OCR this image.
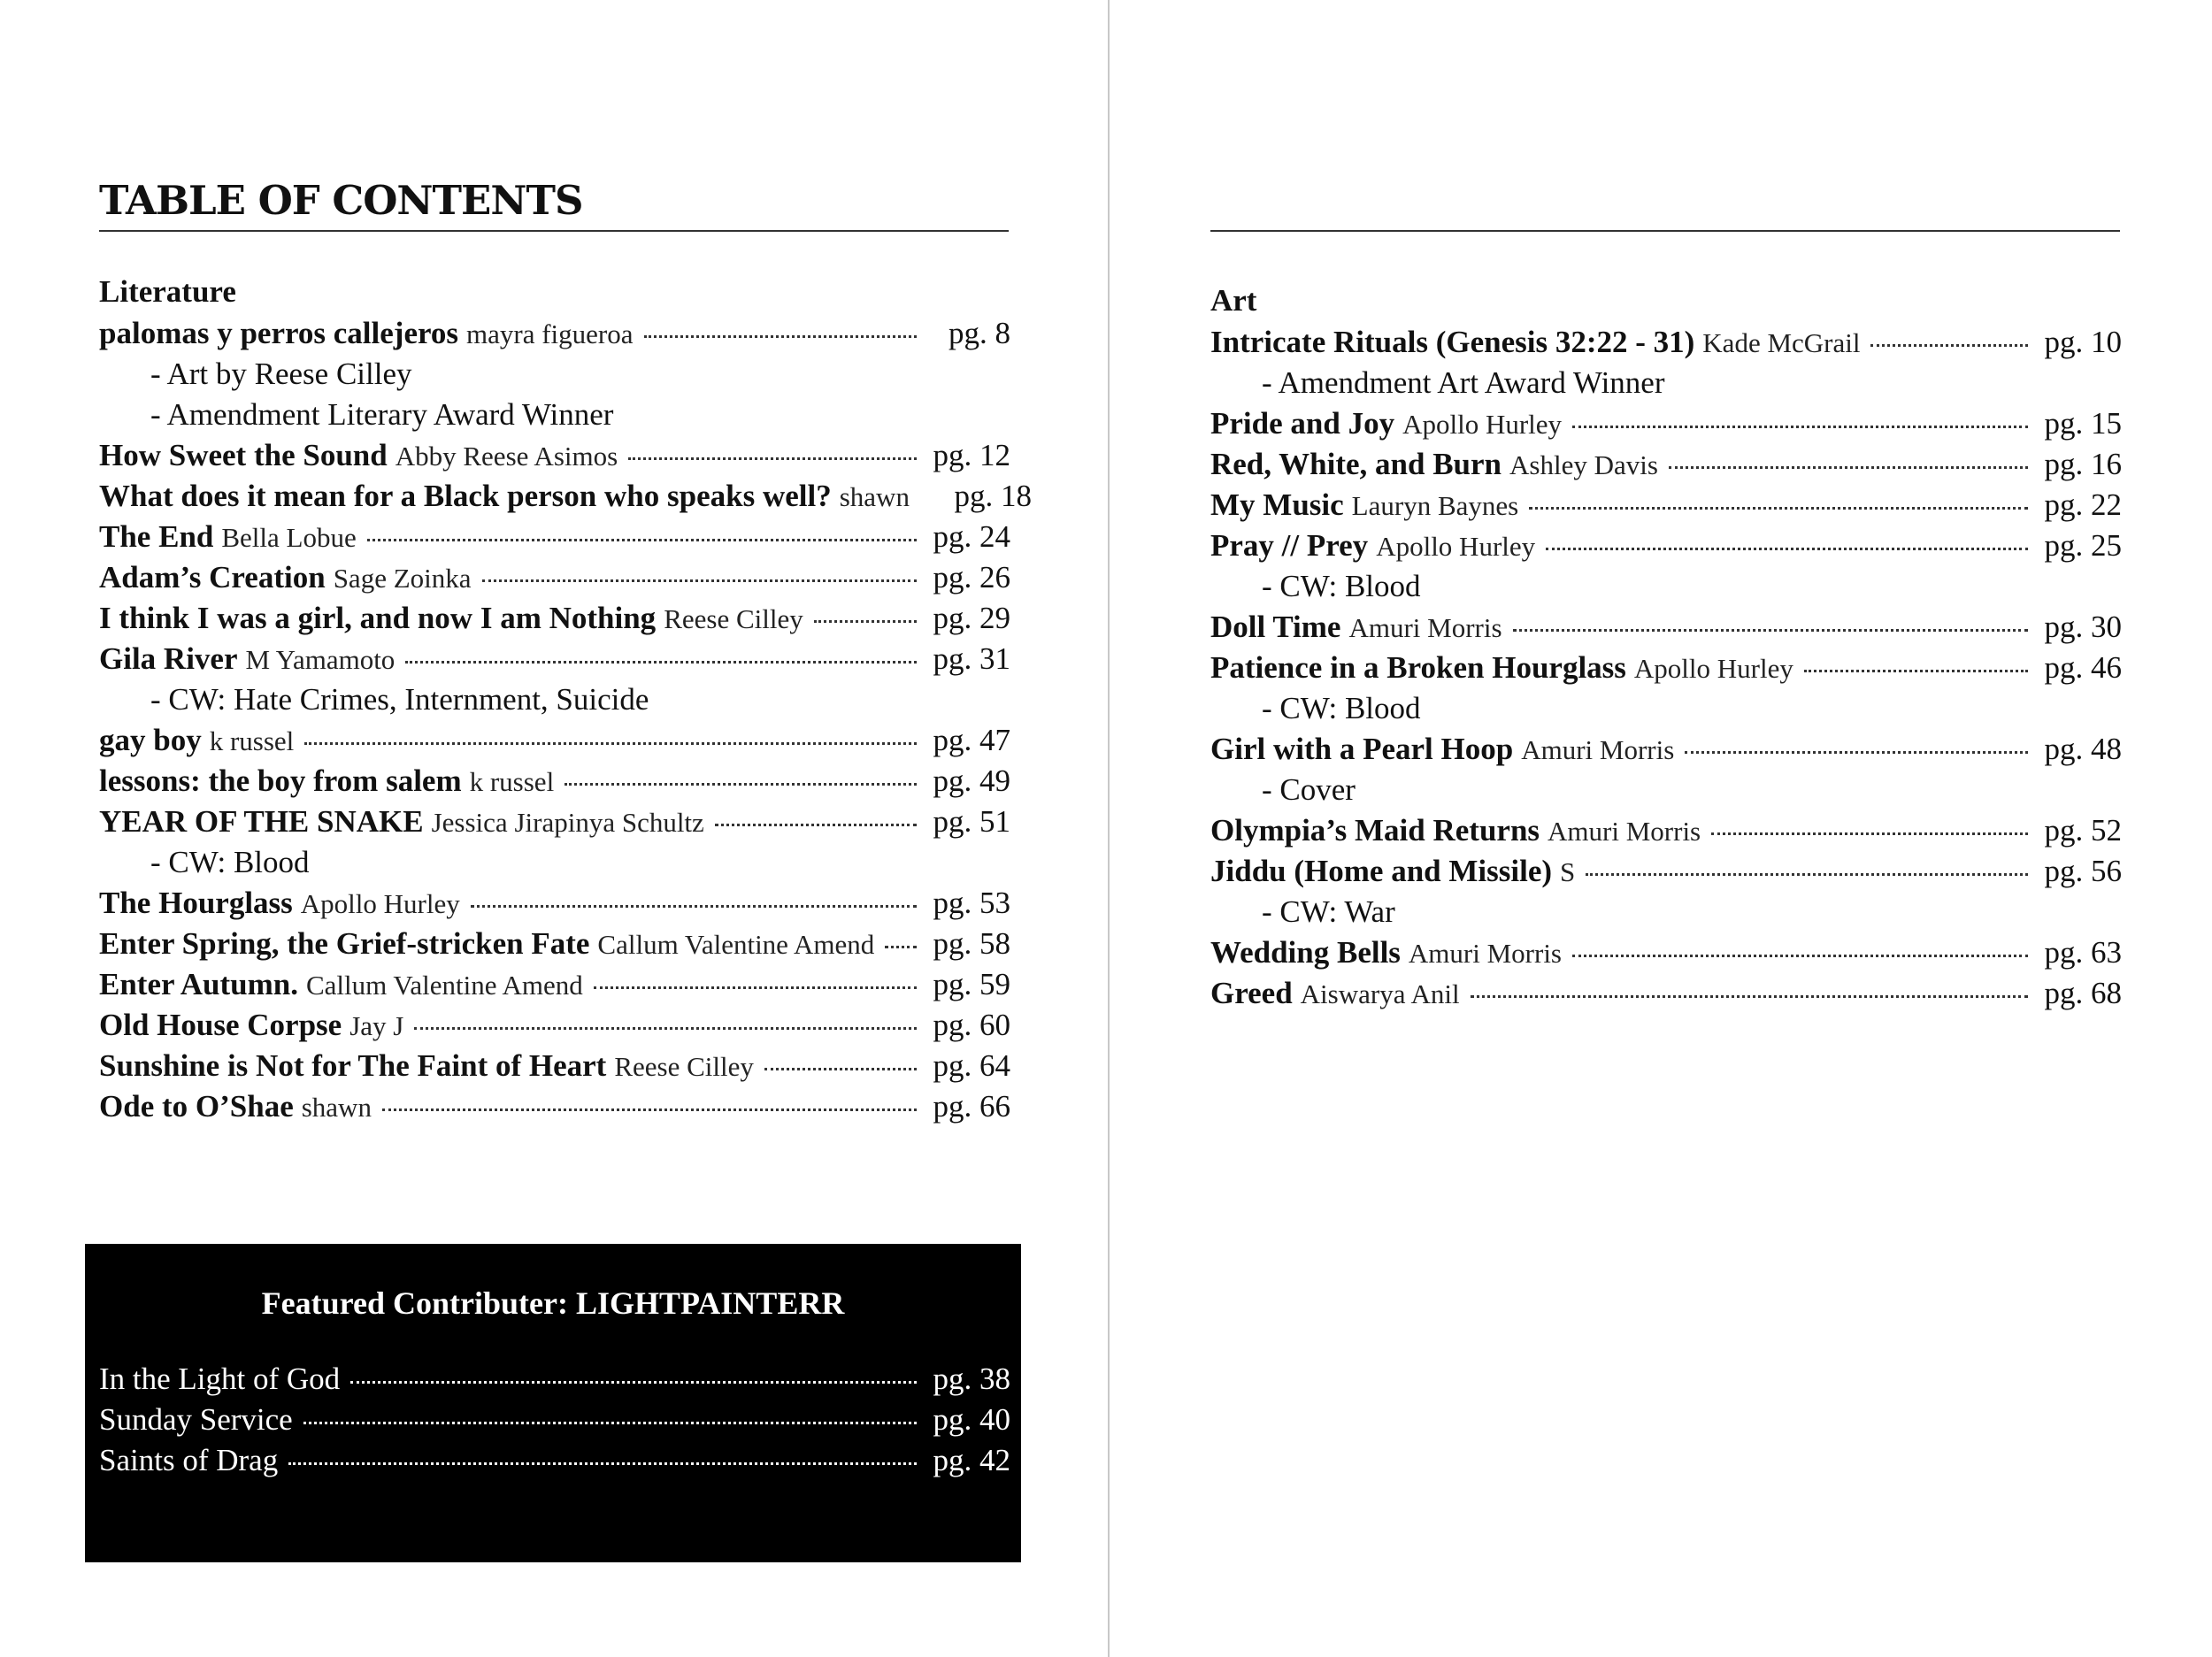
TABLE OF CONTENTS
Literature
palomas y perros callejeros mayra figueroa	pg. 8
- Art by Reese Cilley
- Amendment Literary Award Winner
How Sweet the Sound Abby Reese Asimos	pg. 12
What does it mean for a Black person who speaks well? shawn pg. 18
The End Bella Lobue	pg. 24
Adam’s Creation Sage Zoinka	pg. 26
I think I was a girl, and now I am Nothing Reese Cilley	pg. 29
Gila River M Yamamoto	pg. 31
- CW: Hate Crimes, Internment, Suicide
gay boy k russel	pg. 47
lessons: the boy from salem k russel	pg. 49
YEAR OF THE SNAKE Jessica Jirapinya Schultz	pg. 51
- CW: Blood
The Hourglass Apollo Hurley	pg. 53
Enter Spring, the Grief-stricken Fate Callum Valentine Amend pg. 58
Enter Autumn. Callum Valentine Amend	pg. 59
Old House Corpse Jay J	pg. 60
Sunshine is Not for The Faint of Heart Reese Cilley	pg. 64
Ode to O’Shae shawn	pg. 66
Featured Contributer: LIGHTPAINTERR
In the Light of God	pg. 38
Sunday Service	pg. 40
Saints of Drag	pg. 42
Art
Intricate Rituals (Genesis 32:22 - 31) Kade McGrail	pg. 10
- Amendment Art Award Winner
Pride and Joy Apollo Hurley	pg. 15
Red, White, and Burn Ashley Davis	pg. 16
My Music Lauryn Baynes	pg. 22
Pray // Prey Apollo Hurley	pg. 25
- CW: Blood
Doll Time Amuri Morris	pg. 30
Patience in a Broken Hourglass Apollo Hurley	pg. 46
- CW: Blood
Girl with a Pearl Hoop Amuri Morris	pg. 48
- Cover
Olympia’s Maid Returns Amuri Morris	pg. 52
Jiddu (Home and Missile) S	pg. 56
- CW: War
Wedding Bells Amuri Morris	pg. 63
Greed Aiswarya Anil	pg. 68
